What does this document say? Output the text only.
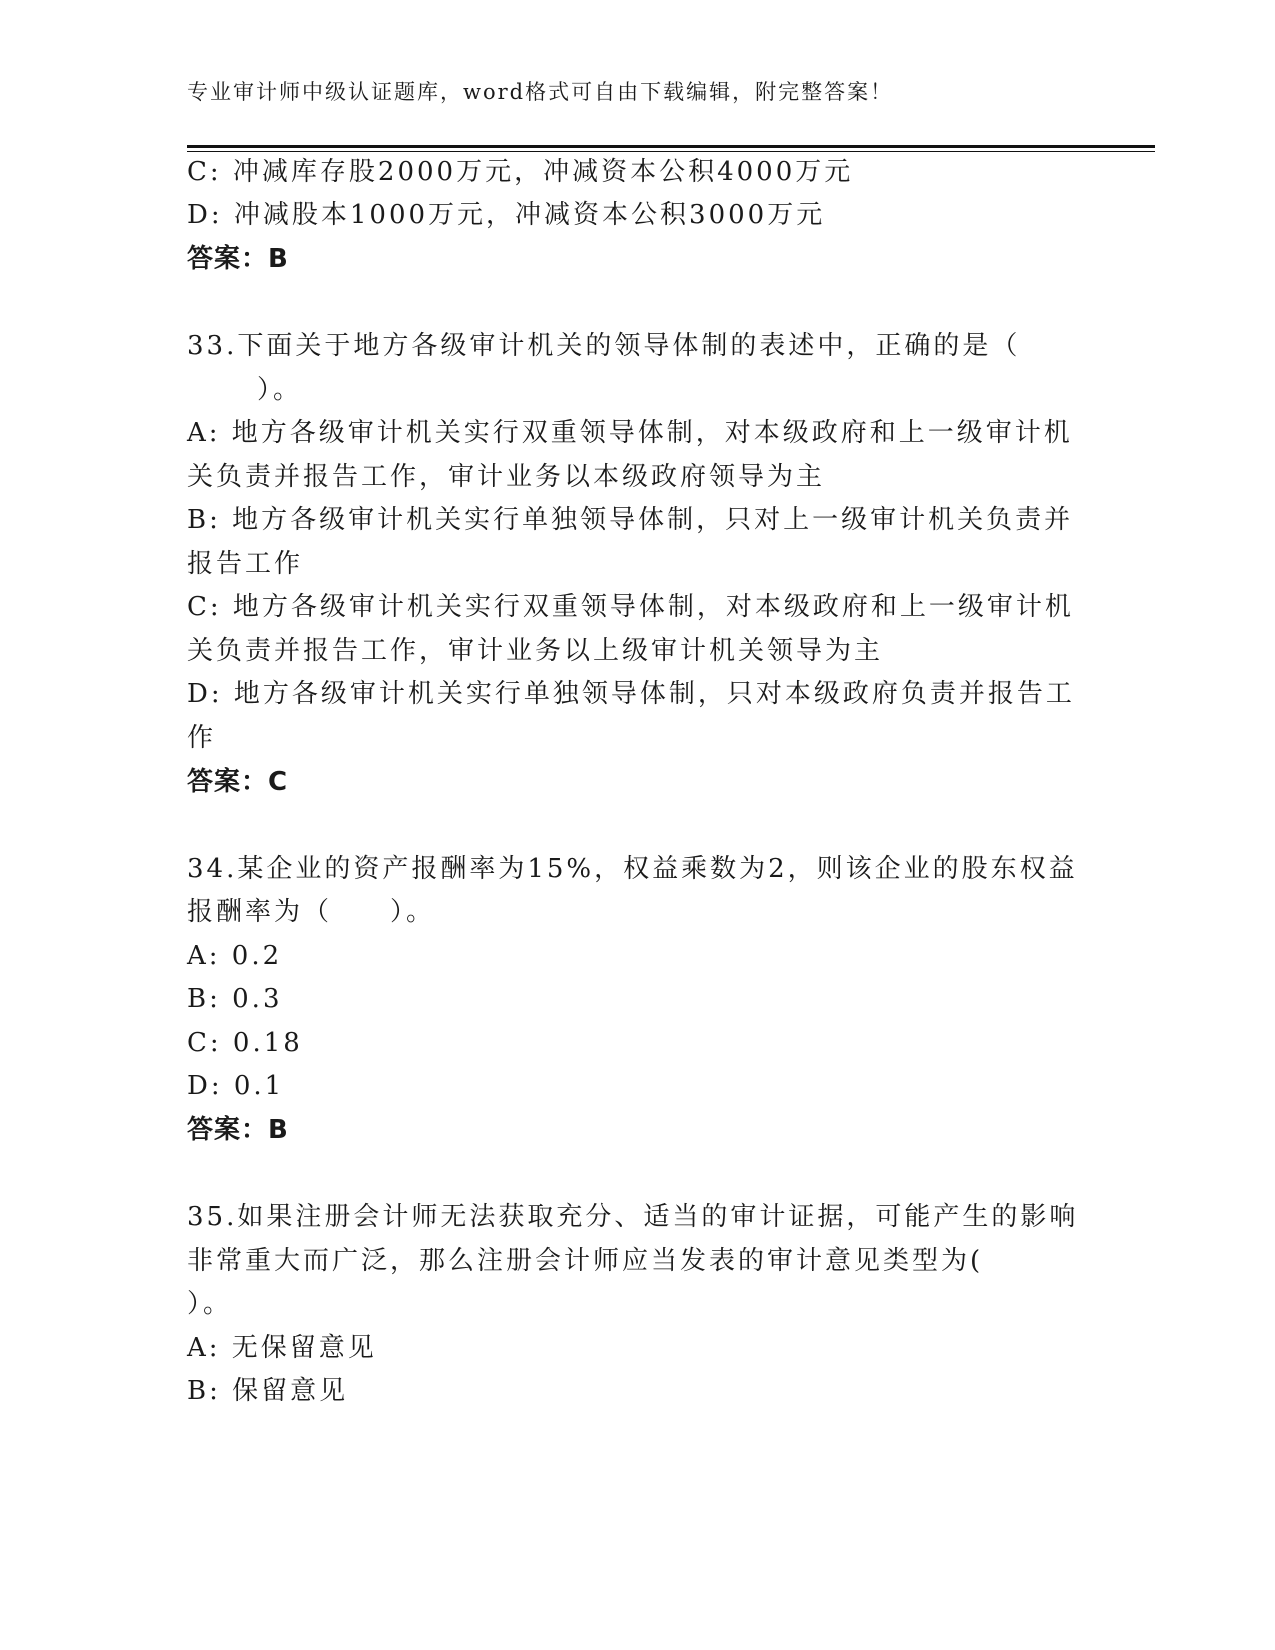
专业审计师中级认证题库，word格式可自由下载编辑，附完整答案！
C: 冲减库存股2000万元，冲减资本公积4000万元
D: 冲减股本1000万元，冲减资本公积3000万元
答案：B
33.下面关于地方各级审计机关的领导体制的表述中，正确的是（
）。
A: 地方各级审计机关实行双重领导体制，对本级政府和上一级审计机
关负责并报告工作，审计业务以本级政府领导为主
B: 地方各级审计机关实行单独领导体制，只对上一级审计机关负责并
报告工作
C: 地方各级审计机关实行双重领导体制，对本级政府和上一级审计机
关负责并报告工作，审计业务以上级审计机关领导为主
D: 地方各级审计机关实行单独领导体制，只对本级政府负责并报告工
作
答案：C
34.某企业的资产报酬率为15%，权益乘数为2，则该企业的股东权益
报酬率为（　　）。
A: 0.2
B: 0.3
C: 0.18
D: 0.1
答案：B
35.如果注册会计师无法获取充分、适当的审计证据，可能产生的影响
非常重大而广泛，那么注册会计师应当发表的审计意见类型为(
）。
A: 无保留意见
B: 保留意见
